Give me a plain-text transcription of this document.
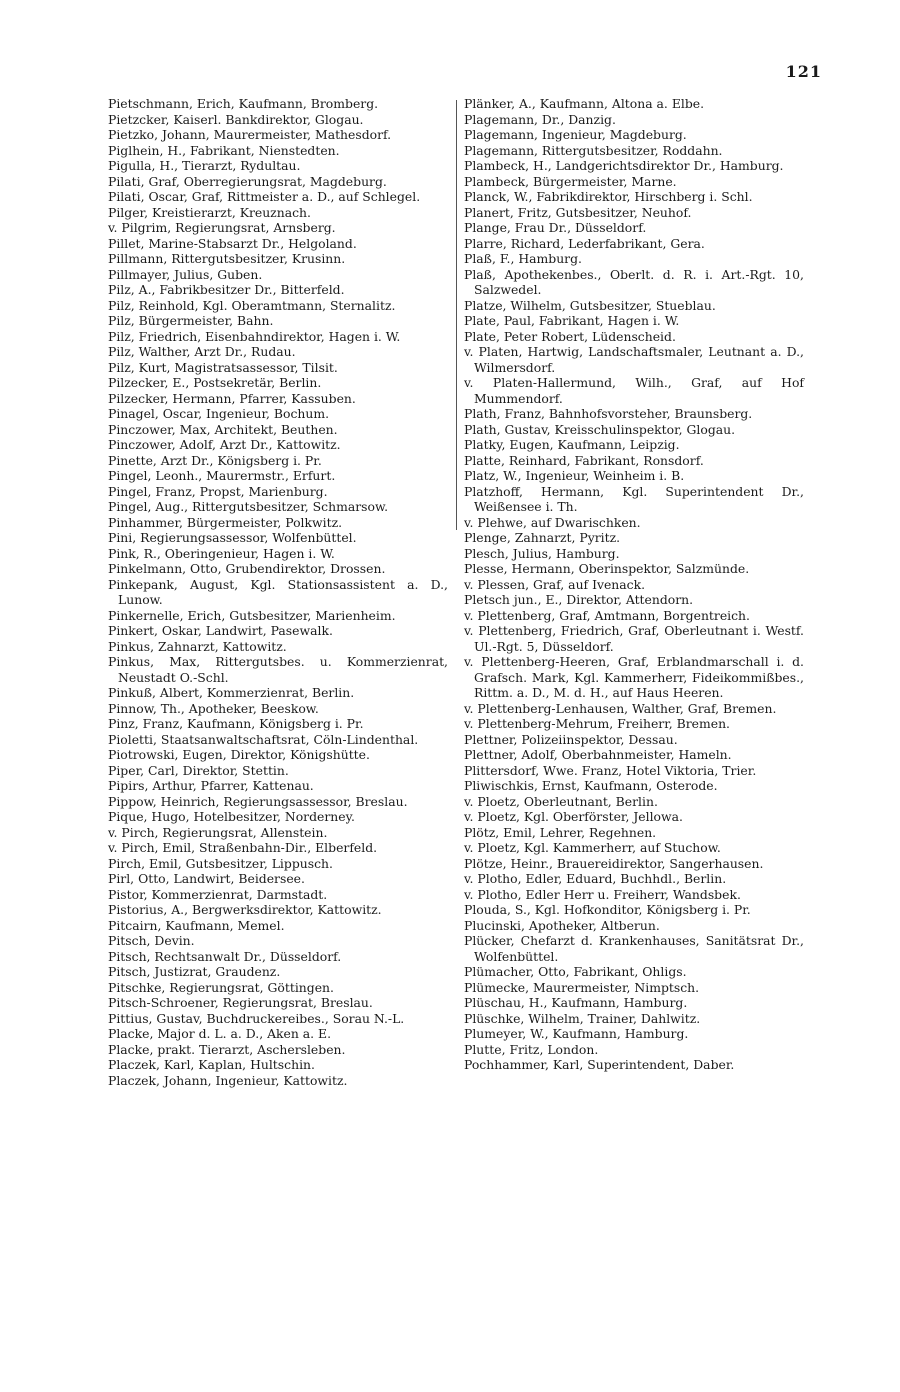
121
Pietschmann, Erich, Kaufmann, Bromberg.
Pietzcker, Kaiserl. Bankdirektor, Glogau.
Pietzko, Johann, Maurermeister, Mathesdorf.
Piglhein, H., Fabrikant, Nienstedten.
Pigulla, H., Tierarzt, Rydultau.
Pilati, Graf, Oberregierungsrat, Magdeburg.
Pilati, Oscar, Graf, Rittmeister a. D., auf Schlegel.
Pilger, Kreistierarzt, Kreuznach.
v. Pilgrim, Regierungsrat, Arnsberg.
Pillet, Marine-Stabsarzt Dr., Helgoland.
Pillmann, Rittergutsbesitzer, Krusinn.
Pillmayer, Julius, Guben.
Pilz, A., Fabrikbesitzer Dr., Bitterfeld.
Pilz, Reinhold, Kgl. Oberamtmann, Sternalitz.
Pilz, Bürgermeister, Bahn.
Pilz, Friedrich, Eisenbahndirektor, Hagen i. W.
Pilz, Walther, Arzt Dr., Rudau.
Pilz, Kurt, Magistratsassessor, Tilsit.
Pilzecker, E., Postsekretär, Berlin.
Pilzecker, Hermann, Pfarrer, Kassuben.
Pinagel, Oscar, Ingenieur, Bochum.
Pinczower, Max, Architekt, Beuthen.
Pinczower, Adolf, Arzt Dr., Kattowitz.
Pinette, Arzt Dr., Königsberg i. Pr.
Pingel, Leonh., Maurermstr., Erfurt.
Pingel, Franz, Propst, Marienburg.
Pingel, Aug., Rittergutsbesitzer, Schmarsow.
Pinhammer, Bürgermeister, Polkwitz.
Pini, Regierungsassessor, Wolfenbüttel.
Pink, R., Oberingenieur, Hagen i. W.
Pinkelmann, Otto, Grubendirektor, Drossen.
Pinkepank, August, Kgl. Stationsassistent a. D., Lunow.
Pinkernelle, Erich, Gutsbesitzer, Marienheim.
Pinkert, Oskar, Landwirt, Pasewalk.
Pinkus, Zahnarzt, Kattowitz.
Pinkus, Max, Rittergutsbes. u. Kommerzienrat, Neustadt O.-Schl.
Pinkuß, Albert, Kommerzienrat, Berlin.
Pinnow, Th., Apotheker, Beeskow.
Pinz, Franz, Kaufmann, Königsberg i. Pr.
Pioletti, Staatsanwaltschaftsrat, Cöln-Lindenthal.
Piotrowski, Eugen, Direktor, Königshütte.
Piper, Carl, Direktor, Stettin.
Pipirs, Arthur, Pfarrer, Kattenau.
Pippow, Heinrich, Regierungsassessor, Breslau.
Pique, Hugo, Hotelbesitzer, Norderney.
v. Pirch, Regierungsrat, Allenstein.
v. Pirch, Emil, Straßenbahn-Dir., Elberfeld.
Pirch, Emil, Gutsbesitzer, Lippusch.
Pirl, Otto, Landwirt, Beidersee.
Pistor, Kommerzienrat, Darmstadt.
Pistorius, A., Bergwerksdirektor, Kattowitz.
Pitcairn, Kaufmann, Memel.
Pitsch, Devin.
Pitsch, Rechtsanwalt Dr., Düsseldorf.
Pitsch, Justizrat, Graudenz.
Pitschke, Regierungsrat, Göttingen.
Pitsch-Schroener, Regierungsrat, Breslau.
Pittius, Gustav, Buchdruckereibes., Sorau N.-L.
Placke, Major d. L. a. D., Aken a. E.
Placke, prakt. Tierarzt, Aschersleben.
Placzek, Karl, Kaplan, Hultschin.
Placzek, Johann, Ingenieur, Kattowitz.
Plänker, A., Kaufmann, Altona a. Elbe.
Plagemann, Dr., Danzig.
Plagemann, Ingenieur, Magdeburg.
Plagemann, Rittergutsbesitzer, Roddahn.
Plambeck, H., Landgerichtsdirektor Dr., Hamburg.
Plambeck, Bürgermeister, Marne.
Planck, W., Fabrikdirektor, Hirschberg i. Schl.
Planert, Fritz, Gutsbesitzer, Neuhof.
Plange, Frau Dr., Düsseldorf.
Plarre, Richard, Lederfabrikant, Gera.
Plaß, F., Hamburg.
Plaß, Apothekenbes., Oberlt. d. R. i. Art.-Rgt. 10, Salzwedel.
Platze, Wilhelm, Gutsbesitzer, Stueblau.
Plate, Paul, Fabrikant, Hagen i. W.
Plate, Peter Robert, Lüdenscheid.
v. Platen, Hartwig, Landschaftsmaler, Leutnant a. D., Wilmersdorf.
v. Platen-Hallermund, Wilh., Graf, auf Hof Mummendorf.
Plath, Franz, Bahnhofsvorsteher, Braunsberg.
Plath, Gustav, Kreisschulinspektor, Glogau.
Platky, Eugen, Kaufmann, Leipzig.
Platte, Reinhard, Fabrikant, Ronsdorf.
Platz, W., Ingenieur, Weinheim i. B.
Platzhoff, Hermann, Kgl. Superintendent Dr., Weißensee i. Th.
v. Plehwe, auf Dwarischken.
Plenge, Zahnarzt, Pyritz.
Plesch, Julius, Hamburg.
Plesse, Hermann, Oberinspektor, Salzmünde.
v. Plessen, Graf, auf Ivenack.
Pletsch jun., E., Direktor, Attendorn.
v. Plettenberg, Graf, Amtmann, Borgentreich.
v. Plettenberg, Friedrich, Graf, Oberleutnant i. Westf. Ul.-Rgt. 5, Düsseldorf.
v. Plettenberg-Heeren, Graf, Erblandmarschall i. d. Grafsch. Mark, Kgl. Kammerherr, Fideikommißbes., Rittm. a. D., M. d. H., auf Haus Heeren.
v. Plettenberg-Lenhausen, Walther, Graf, Bremen.
v. Plettenberg-Mehrum, Freiherr, Bremen.
Plettner, Polizeiinspektor, Dessau.
Plettner, Adolf, Oberbahnmeister, Hameln.
Plittersdorf, Wwe. Franz, Hotel Viktoria, Trier.
Pliwischkis, Ernst, Kaufmann, Osterode.
v. Ploetz, Oberleutnant, Berlin.
v. Ploetz, Kgl. Oberförster, Jellowa.
Plötz, Emil, Lehrer, Regehnen.
v. Ploetz, Kgl. Kammerherr, auf Stuchow.
Plötze, Heinr., Brauereidirektor, Sangerhausen.
v. Plotho, Edler, Eduard, Buchhdl., Berlin.
v. Plotho, Edler Herr u. Freiherr, Wandsbek.
Plouda, S., Kgl. Hofkonditor, Königsberg i. Pr.
Plucinski, Apotheker, Altberun.
Plücker, Chefarzt d. Krankenhauses, Sanitätsrat Dr., Wolfenbüttel.
Plümacher, Otto, Fabrikant, Ohligs.
Plümecke, Maurermeister, Nimptsch.
Plüschau, H., Kaufmann, Hamburg.
Plüschke, Wilhelm, Trainer, Dahlwitz.
Plumeyer, W., Kaufmann, Hamburg.
Plutte, Fritz, London.
Pochhammer, Karl, Superintendent, Daber.
